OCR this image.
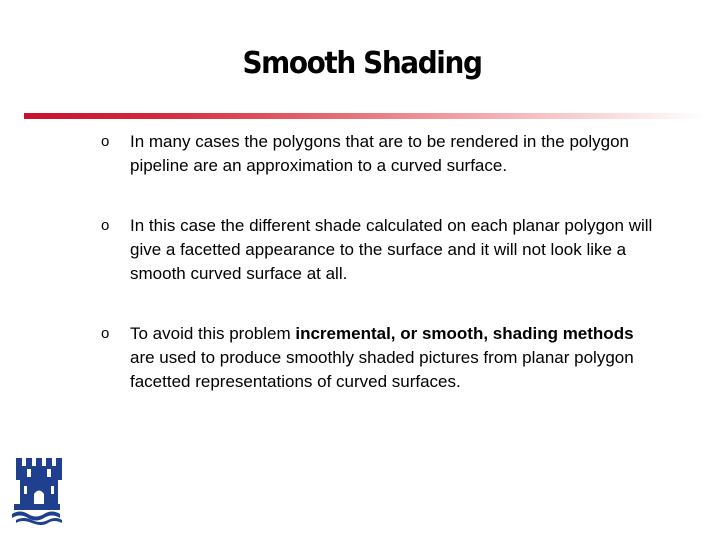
Smooth Shading
o In many cases the polygons that are to be rendered in the polygon pipeline are an approximation to a curved surface.
o In this case the different shade calculated on each planar polygon will give a facetted appearance to the surface and it will not look like a smooth curved surface at all.
o To avoid this problem incremental, or smooth, shading methods are used to produce smoothly shaded pictures from planar polygon facetted representations of curved surfaces.
